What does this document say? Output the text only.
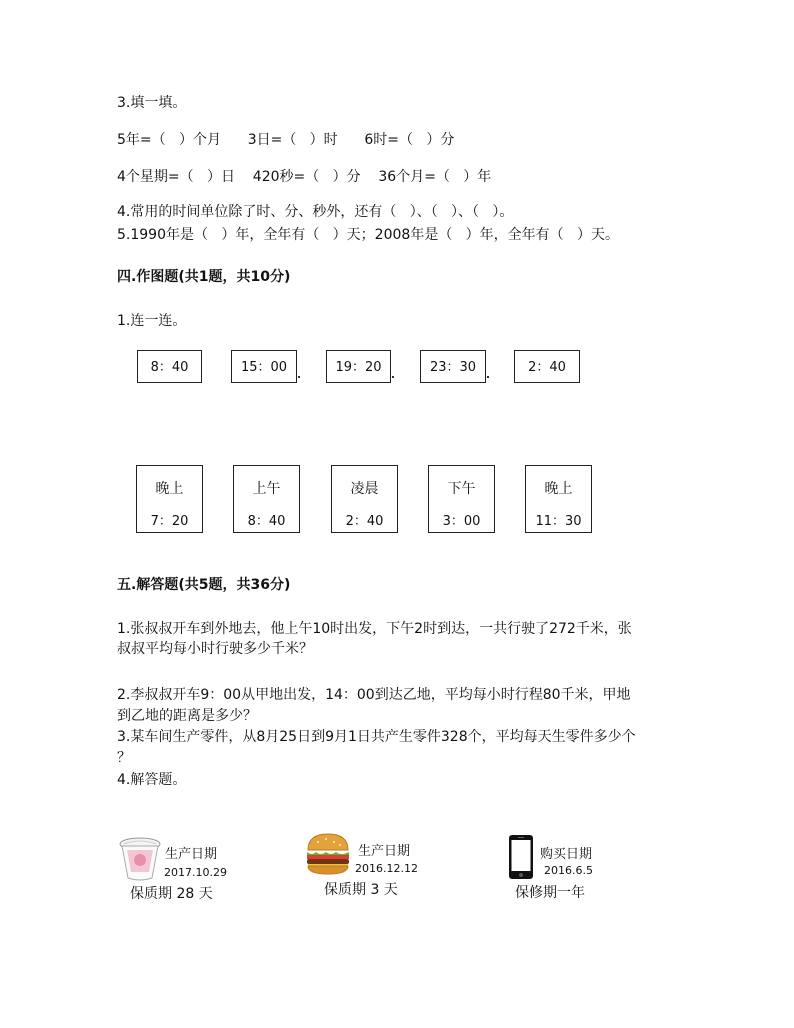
3.填一填。
5年=（   ）个月      3日=（   ）时      6时=（   ）分
4个星期=（   ）日    420秒=（   ）分    36个月=（   ）年
4.常用的时间单位除了时、分、秒外，还有（   ）、（   ）、（   ）。
5.1990年是（   ）年，全年有（   ）天；2008年是（   ）年，全年有（   ）天。
四.作图题(共1题，共10分)
1.连一连。
8：40	15：00	19：20	23：30	2：40
晚上
7：20
上午
8：40
凌晨
2：40
下午
3：00
晚上
11：30
五.解答题(共5题，共36分)
1.张叔叔开车到外地去，他上午10时出发，下午2时到达，一共行驶了272千米，张
叔叔平均每小时行驶多少千米？
2.李叔叔开车9：00从甲地出发，14：00到达乙地，平均每小时行程80千米，甲地
到乙地的距离是多少？
3.某车间生产零件，从8月25日到9月1日共产生零件328个，平均每天生零件多少个
？
4.解答题。
生产日期
2017.10.29
保质期 28 天
生产日期
2016.12.12
保质期 3 天
购买日期
2016.6.5
保修期一年
